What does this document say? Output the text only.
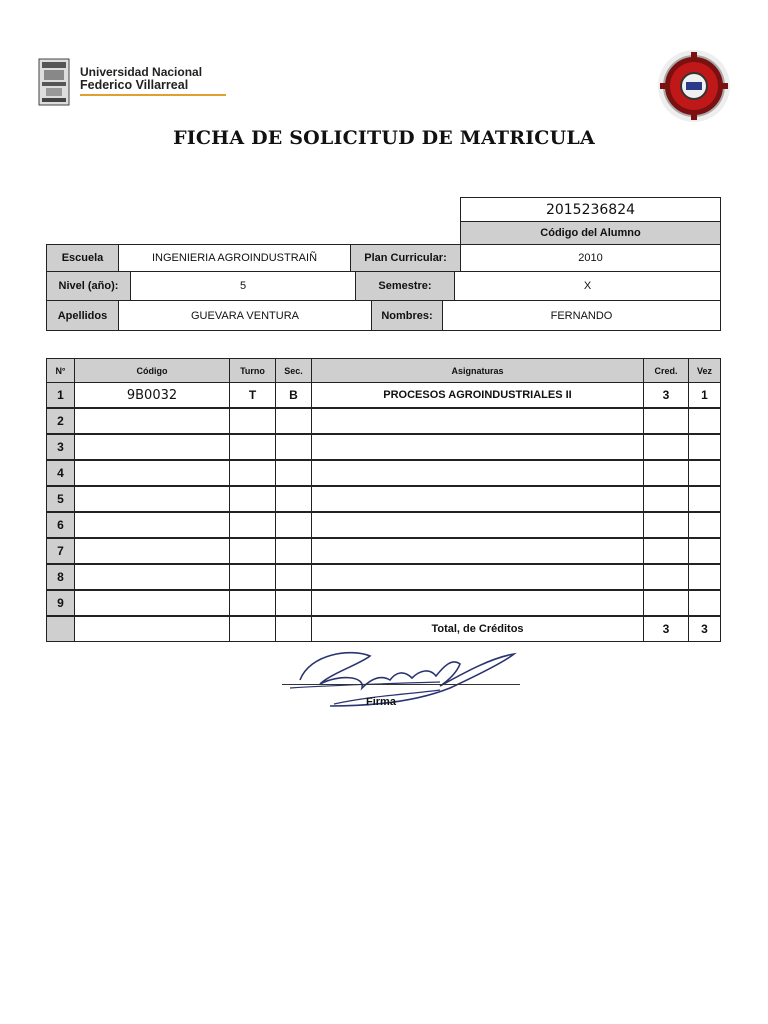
Universidad Nacional
Federico Villarreal
FICHA DE SOLICITUD DE MATRICULA
2015236824
Código del Alumno
Escuela	INGENIERIA AGROINDUSTRAIÑ	Plan Curricular:	2010
Nivel (año):	5	Semestre:	X
Apellidos	GUEVARA VENTURA	Nombres:	FERNANDO
N°	Código	Turno	Sec.	Asignaturas	Cred.	Vez
1	9B0032	T	B	PROCESOS AGROINDUSTRIALES II	3	1
2
3
4
5
6
7
8
9
Total, de Créditos	3	3
Firma
